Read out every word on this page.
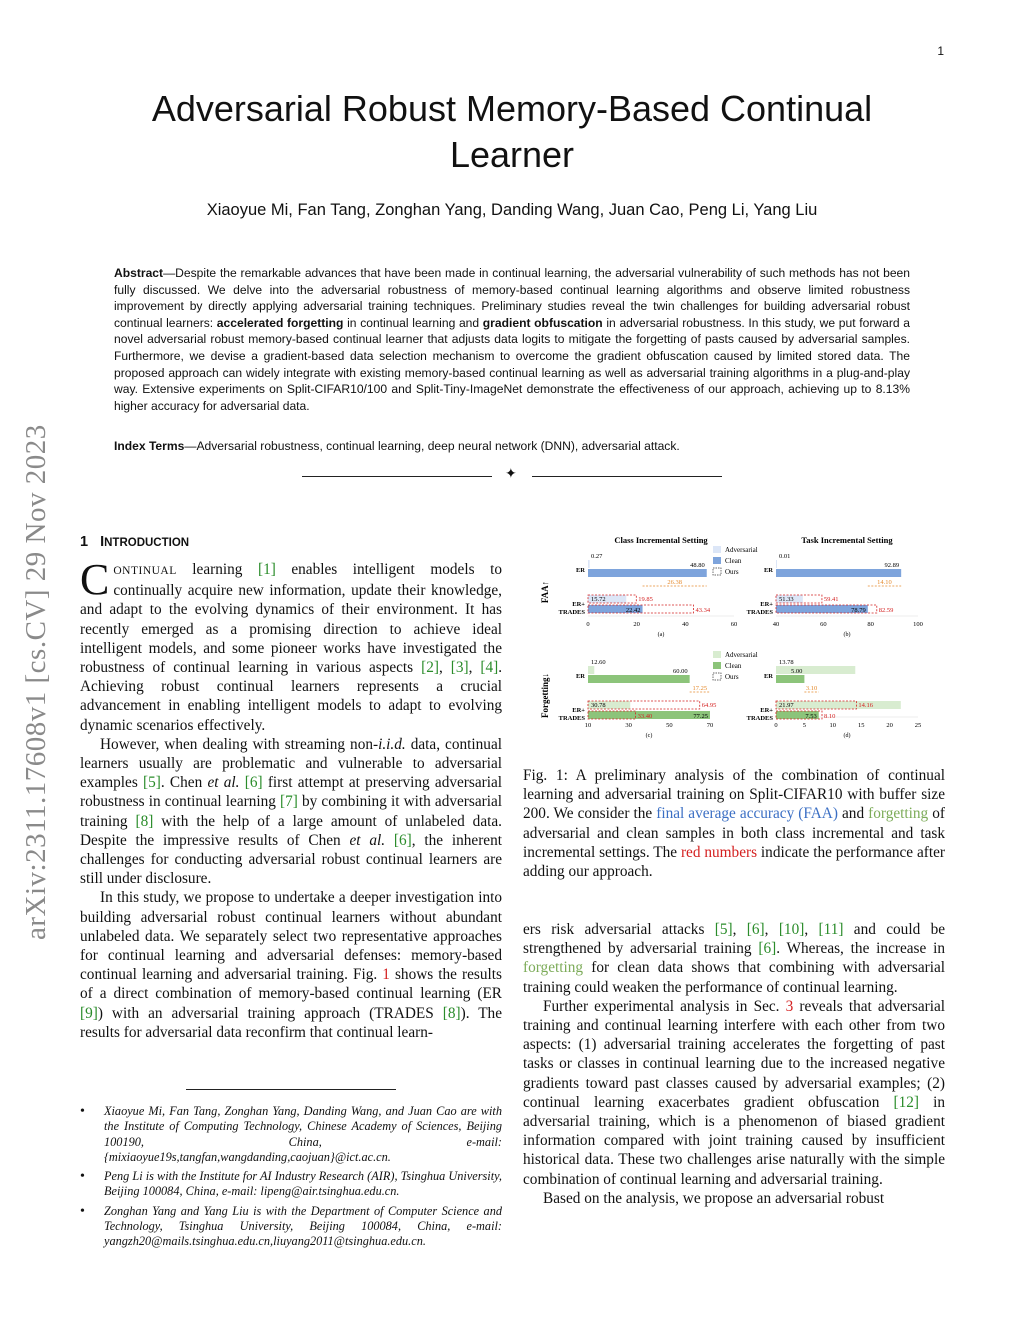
1
arXiv:2311.17608v1 [cs.CV] 29 Nov 2023
Adversarial Robust Memory-Based Continual Learner
Xiaoyue Mi, Fan Tang, Zonghan Yang, Danding Wang, Juan Cao, Peng Li, Yang Liu
Abstract—Despite the remarkable advances that have been made in continual learning, the adversarial vulnerability of such methods has not been fully discussed. We delve into the adversarial robustness of memory-based continual learning algorithms and observe limited robustness improvement by directly applying adversarial training techniques. Preliminary studies reveal the twin challenges for building adversarial robust continual learners: accelerated forgetting in continual learning and gradient obfuscation in adversarial robustness. In this study, we put forward a novel adversarial robust memory-based continual learner that adjusts data logits to mitigate the forgetting of pasts caused by adversarial samples. Furthermore, we devise a gradient-based data selection mechanism to overcome the gradient obfuscation caused by limited stored data. The proposed approach can widely integrate with existing memory-based continual learning as well as adversarial training algorithms in a plug-and-play way. Extensive experiments on Split-CIFAR10/100 and Split-Tiny-ImageNet demonstrate the effectiveness of our approach, achieving up to 8.13% higher accuracy for adversarial data.
Index Terms—Adversarial robustness, continual learning, deep neural network (DNN), adversarial attack.
✦
1 INTRODUCTION

CONTINUAL learning [1] enables intelligent models to continually acquire new information, update their knowledge, and adapt to the evolving dynamics of their environment. It has recently emerged as a promising direction to achieve ideal intelligent models, and some pioneer works have investigated the robustness of continual learning in various aspects [2], [3], [4]. Achieving robust continual learners represents a crucial advancement in enabling intelligent models to adapt to evolving dynamic scenarios effectively.

However, when dealing with streaming non-i.i.d. data, continual learners usually are problematic and vulnerable to adversarial examples [5]. Chen et al. [6] first attempt at preserving adversarial robustness in continual learning [7] by combining it with adversarial training [8] with the help of a large amount of unlabeled data. Despite the impressive results of Chen et al. [6], the inherent challenges for conducting adversarial robust continual learners are still under disclosure.

In this study, we propose to undertake a deeper investigation into building adversarial robust continual learners without abundant unlabeled data. We separately select two representative approaches for continual learning and adversarial defenses: memory-based continual learning and adversarial training. Fig. 1 shows the results of a direct combination of memory-based continual learning (ER [9]) with an adversarial training approach (TRADES [8]). The results for adversarial data reconfirm that continual learn-

• Xiaoyue Mi, Fan Tang, Zonghan Yang, Danding Wang, and Juan Cao are with the Institute of Computing Technology, Chinese Academy of Sciences, Beijing 100190, China, e-mail: {mixiaoyue19s,tangfan,wangdanding,caojuan}@ict.ac.cn.
• Peng Li is with the Institute for AI Industry Research (AIR), Tsinghua University, Beijing 100084, China, e-mail: lipeng@air.tsinghua.edu.cn.
• Zonghan Yang and Yang Liu is with the Department of Computer Science and Technology, Tsinghua University, Beijing 100084, China, e-mail: yangzh20@mails.tsinghua.edu.cn,liuyang2011@tsinghua.edu.cn.
Class Incremental Setting
FAA↑
0	20	40	60
(a)
ER
ER+
TRADES
0.27
48.80
15.72
22.42
19.85
43.34
26.38
Task Incremental Setting
40	60	80	100
(b)
ER
ER+
TRADES
0.01
92.89
51.33
78.79
59.41
82.59
14.10
Forgetting↓
10	30	50	70
(c)
ER
ER+
TRADES
12.60
60.00
30.78
77.25
64.95
33.40
17.25
0	5	10	15	20	25
(d)
ER
ER+
TRADES
13.78
5.00
21.97
7.53
14.16
8.10
3.10
Adversarial
Clean
Ours
Adversarial
Clean
Ours
Fig. 1: A preliminary analysis of the combination of continual learning and adversarial training on Split-CIFAR10 with buffer size 200. We consider the final average accuracy (FAA) and forgetting of adversarial and clean samples in both class incremental and task incremental settings. The red numbers indicate the performance after adding our approach.

ers risk adversarial attacks [5], [6], [10], [11] and could be strengthened by adversarial training [6]. Whereas, the increase in forgetting for clean data shows that combining with adversarial training could weaken the performance of continual learning.

Further experimental analysis in Sec. 3 reveals that adversarial training and continual learning interfere with each other from two aspects: (1) adversarial training accelerates the forgetting of past tasks or classes in continual learning due to the increased negative gradients toward past classes caused by adversarial examples; (2) continual learning exacerbates gradient obfuscation [12] in adversarial training, which is a phenomenon of biased gradient information compared with joint training caused by insufficient historical data. These two challenges arise naturally with the simple combination of continual learning and adversarial training.

Based on the analysis, we propose an adversarial robust
